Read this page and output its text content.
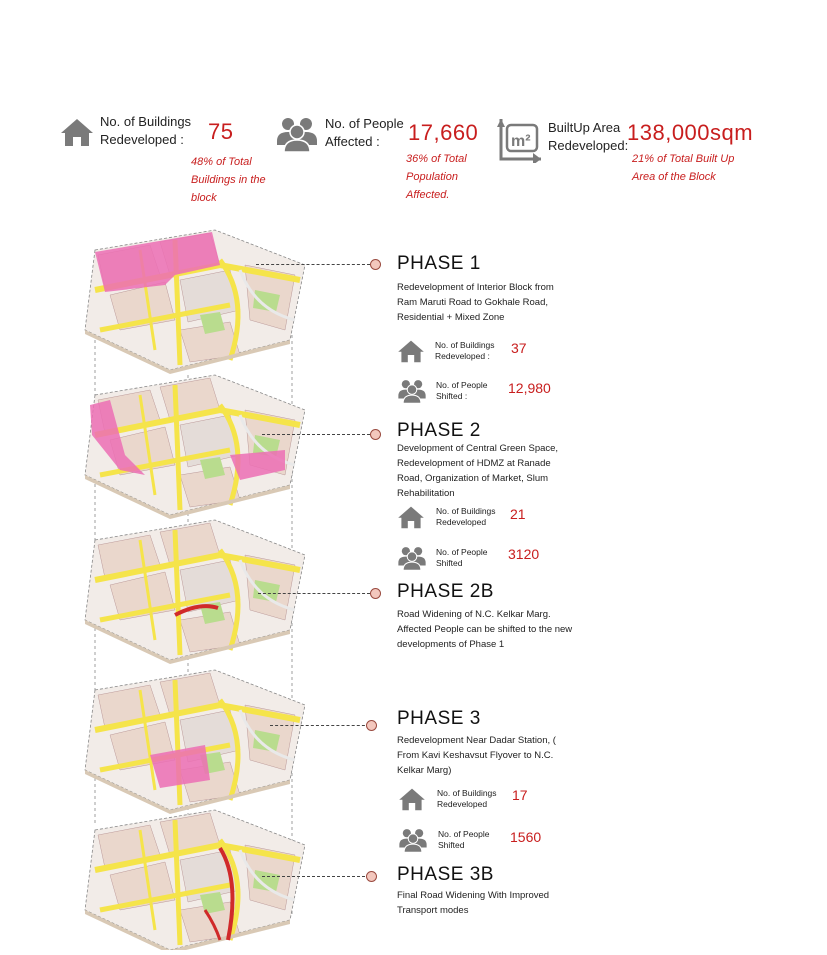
No. of Buildings
Redeveloped :	75
48% of Total
Buildings in the
block
No. of People
Affected :	17,660
36% of Total
Population
Affected.
m²
BuiltUp Area
Redeveloped:
138,000sqm
21% of Total Built Up
Area of the Block
PHASE 1
Redevelopment of Interior Block from
Ram Maruti Road to Gokhale Road,
Residential + Mixed Zone
No. of Buildings
Redeveloped :	37
No. of People
Shifted :	12,980
PHASE 2
Development of Central Green Space,
Redevelopment of HDMZ at Ranade
Road, Organization of Market, Slum
Rehabilitation
No. of Buildings
Redeveloped	21
No. of People
Shifted
3120
PHASE 2B
Road Widening of N.C. Kelkar Marg.
Affected People can be shifted to the new
developments of Phase 1
PHASE 3
Redevelopment Near Dadar Station, (
From Kavi Keshavsut Flyover to N.C.
Kelkar Marg)
No. of Buildings
Redeveloped
17
No. of People
Shifted	1560
PHASE 3B
Final Road Widening With Improved
Transport modes
